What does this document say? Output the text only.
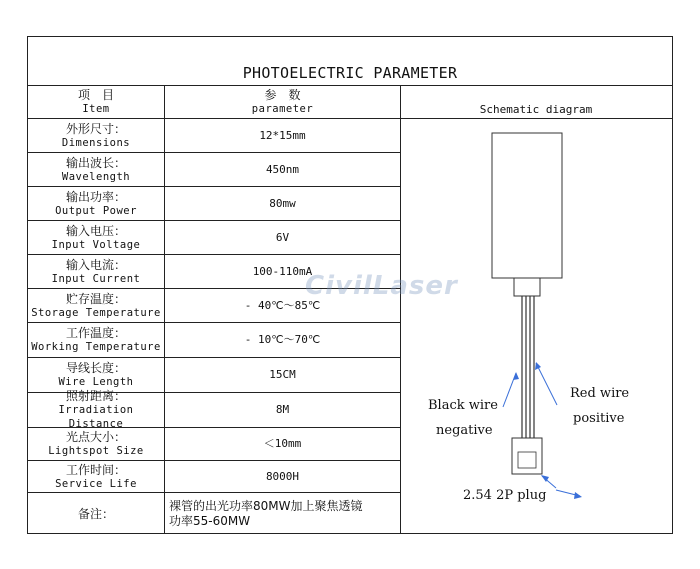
PHOTOELECTRIC PARAMETER
项　目
Item
参　数
parameter	Schematic diagram
外形尺寸：
Dimensions
12*15mm
输出波长：
Wavelength
450nm
输出功率：
Output Power
80mw
输入电压：
Input Voltage
6V
输入电流：
Input Current
100-110mA
贮存温度：
Storage Temperature
- 40℃～85℃
工作温度：
Working Temperature
- 10℃～70℃
导线长度：
Wire Length
15CM
照射距离：
Irradiation Distance
8M
光点大小：
Lightspot Size
＜10mm
工作时间：
Service Life
8000H
备注：
裸管的出光功率80MW加上聚焦透镜
功率55-60MW
Black wire
negative
Red wire
positive
2.54 2P plug
CivilLaser
